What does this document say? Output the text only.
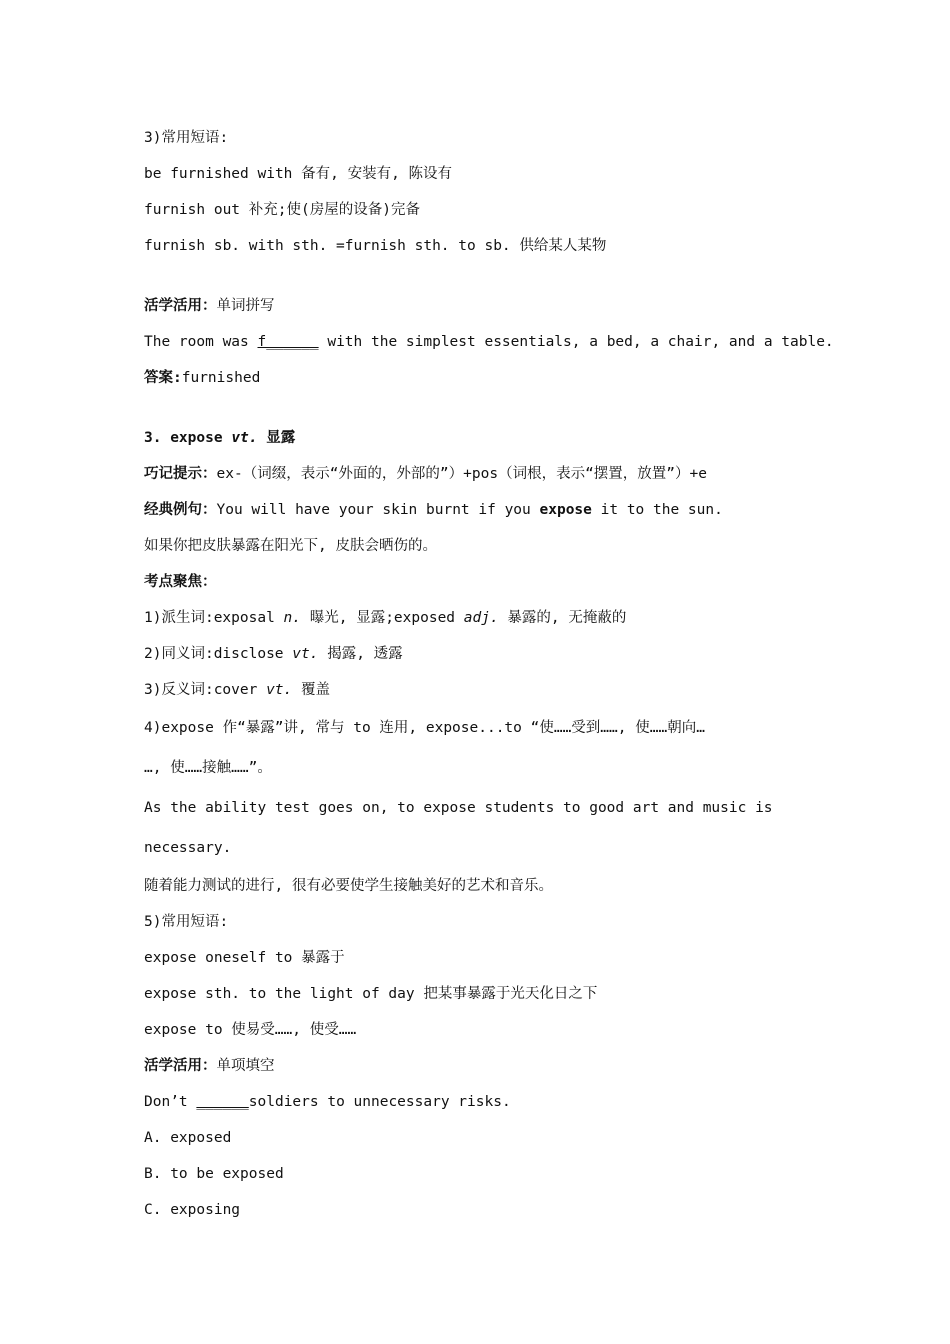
3)常用短语:
be furnished with 备有, 安装有, 陈设有
furnish out 补充;使(房屋的设备)完备
furnish sb. with sth. =furnish sth. to sb. 供给某人某物
活学活用：单词拼写
The room was f______ with the simplest essentials, a bed, a chair, and a table.
答案:furnished
3. expose vt. 显露
巧记提示：ex-（词缀，表示“外面的，外部的”）+pos（词根，表示“摆置，放置”）+e
经典例句：You will have your skin burnt if you expose it to the sun.
如果你把皮肤暴露在阳光下, 皮肤会晒伤的。
考点聚焦：
1)派生词:exposal n. 曝光, 显露;exposed adj. 暴露的, 无掩蔽的
2)同义词:disclose vt. 揭露, 透露
3)反义词:cover vt. 覆盖
4)expose 作“暴露”讲, 常与 to 连用, expose...to “使……受到……, 使……朝向…
…, 使……接触……”。
As the ability test goes on, to expose students to good art and music is
necessary.
随着能力测试的进行, 很有必要使学生接触美好的艺术和音乐。
5)常用短语:
expose oneself to 暴露于
expose sth. to the light of day 把某事暴露于光天化日之下
expose to 使易受……, 使受……
活学活用：单项填空
Don’t ______soldiers to unnecessary risks.
A. exposed
B. to be exposed
C. exposing
